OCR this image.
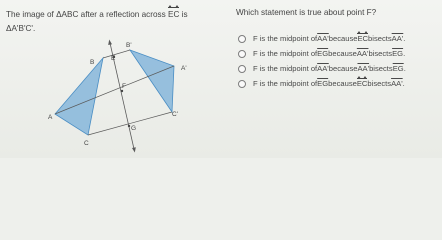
The image of ΔABC after a reflection across EC
is
ΔA'B'C'.
B
E
B'
A'
F
C'
A
G
C
Which statement is true about point F?
F is the midpoint of AA' because EC bisects AA' .
F is the midpoint of $\overline{EG}$ because AA' bisects $\overline{EG}$ .
F is the midpoint of AA' because AA' bisects $\overline{EG}$ .
F is the midpoint of $\overline{EG}$ because EC bisects AA' .
